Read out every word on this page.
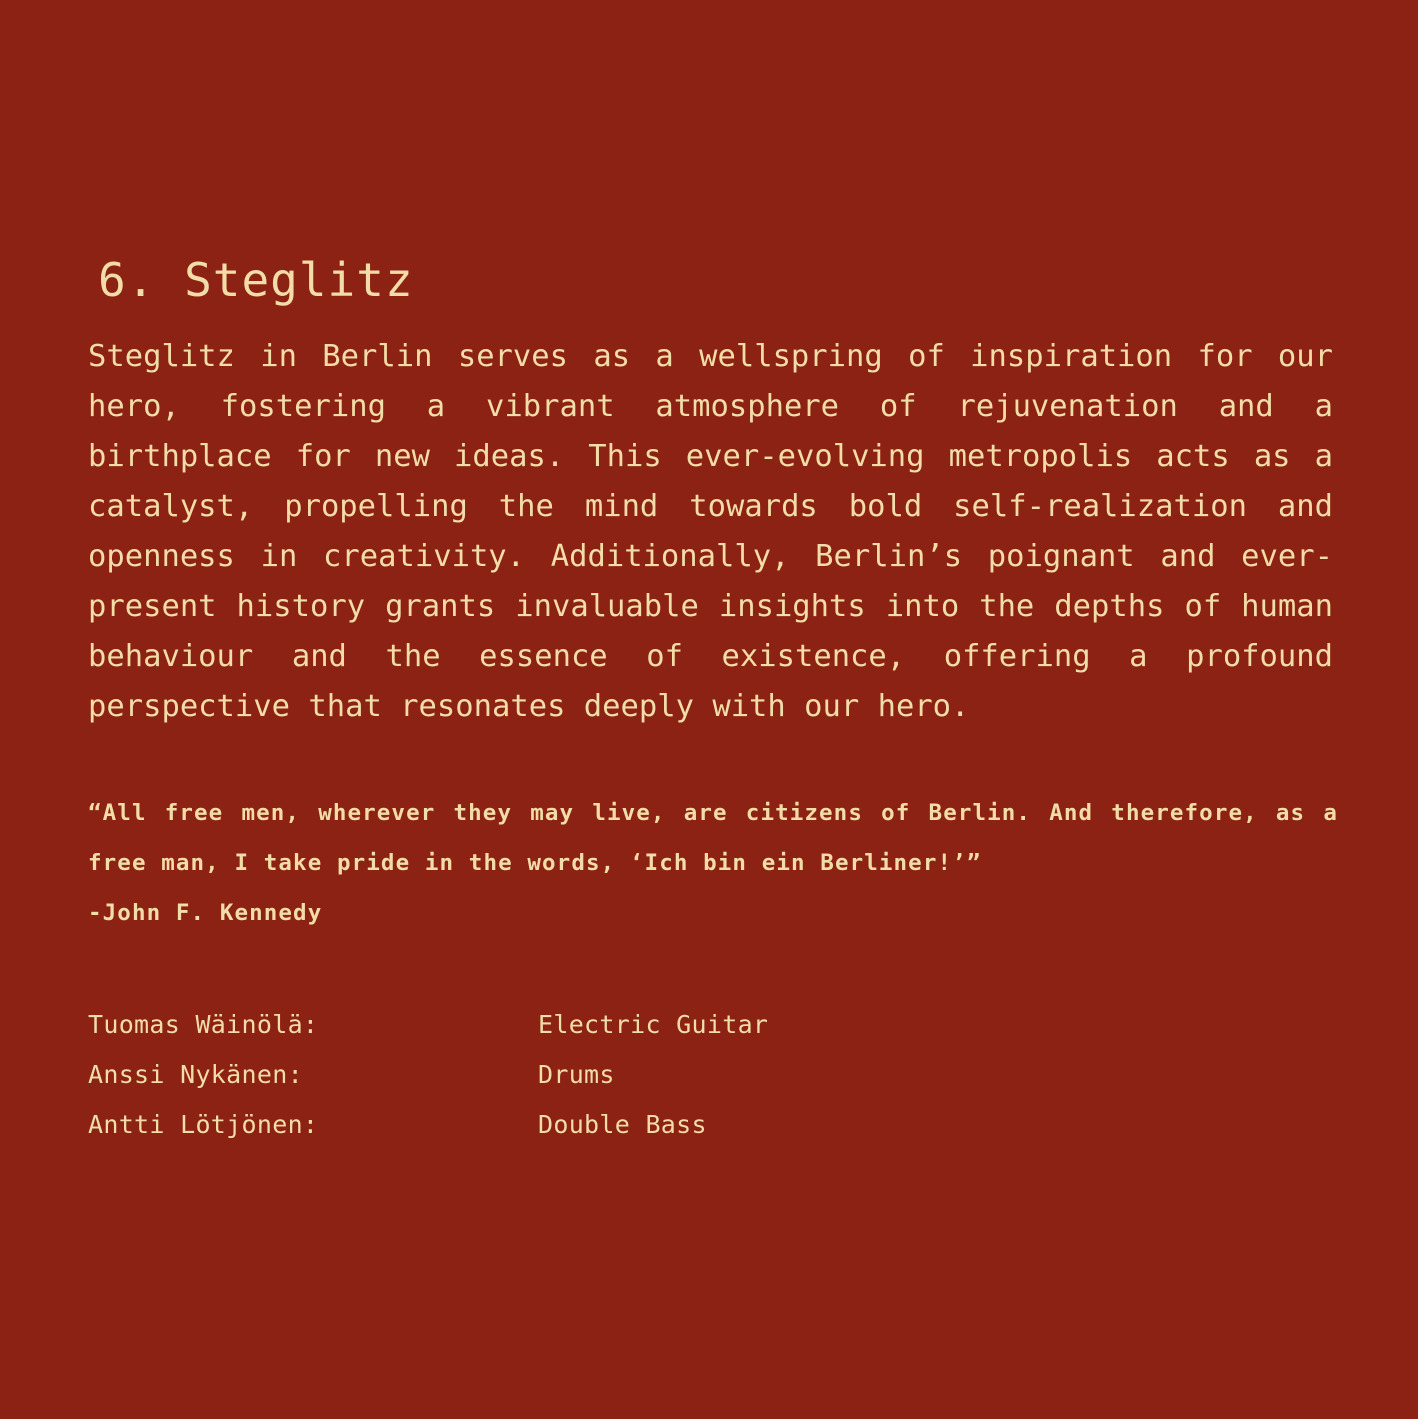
6. Steglitz

Steglitz in Berlin serves as a wellspring of inspiration for our hero, fostering a vibrant atmosphere of rejuvenation and a birthplace for new ideas. This ever-evolving metropolis acts as a catalyst, propelling the mind towards bold self-realization and openness in creativity. Additionally, Berlin’s poignant and ever-present history grants invaluable insights into the depths of human behaviour and the essence of existence, offering a profound perspective that resonates deeply with our hero.

“All free men, wherever they may live, are citizens of Berlin. And therefore, as a free man, I take pride in the words, ‘Ich bin ein Berliner!’”

-John F. Kennedy

Tuomas Wäinölä:	Electric Guitar
Anssi Nykänen:	Drums
Antti Lötjönen:	Double Bass
